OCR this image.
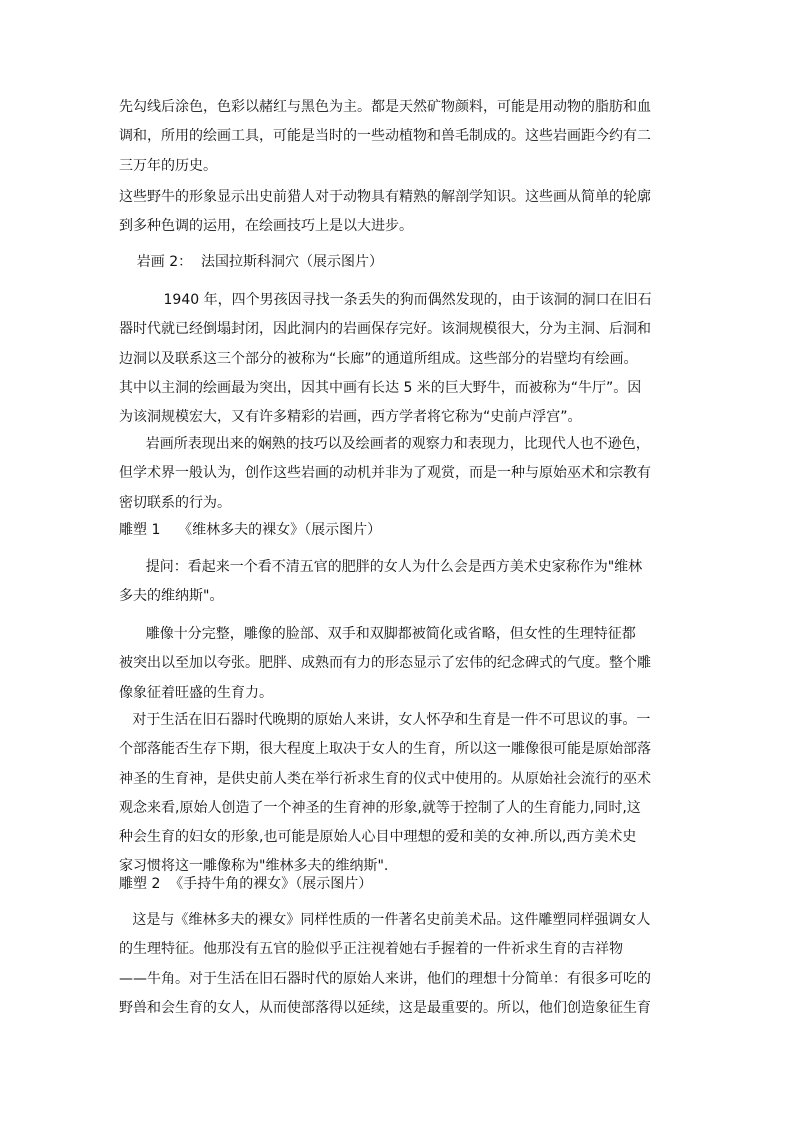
先勾线后涂色，色彩以赭红与黑色为主。都是天然矿物颜料，可能是用动物的脂肪和血
调和，所用的绘画工具，可能是当时的一些动植物和兽毛制成的。这些岩画距今约有二
三万年的历史。
这些野牛的形象显示出史前猎人对于动物具有精熟的解剖学知识。这些画从简单的轮廓
到多种色调的运用，在绘画技巧上是以大进步。
岩画 2：  法国拉斯科洞穴（展示图片）
1940 年，四个男孩因寻找一条丢失的狗而偶然发现的，由于该洞的洞口在旧石
器时代就已经倒塌封闭，因此洞内的岩画保存完好。该洞规模很大，分为主洞、后洞和
边洞以及联系这三个部分的被称为“长廊”的通道所组成。这些部分的岩壁均有绘画。
其中以主洞的绘画最为突出，因其中画有长达 5 米的巨大野牛，而被称为“牛厅”。因
为该洞规模宏大，又有许多精彩的岩画，西方学者将它称为“史前卢浮宫”。
岩画所表现出来的娴熟的技巧以及绘画者的观察力和表现力，比现代人也不逊色，
但学术界一般认为，创作这些岩画的动机并非为了观赏，而是一种与原始巫术和宗教有
密切联系的行为。
雕塑 1    《维林多夫的裸女》（展示图片）
提问：看起来一个看不清五官的肥胖的女人为什么会是西方美术史家称作为"维林
多夫的维纳斯"。
雕像十分完整，雕像的脸部、双手和双脚都被简化或省略，但女性的生理特征都
被突出以至加以夸张。肥胖、成熟而有力的形态显示了宏伟的纪念碑式的气度。整个雕
像象征着旺盛的生育力。
对于生活在旧石器时代晚期的原始人来讲，女人怀孕和生育是一件不可思议的事。一
个部落能否生存下期，很大程度上取决于女人的生育，所以这一雕像很可能是原始部落
神圣的生育神，是供史前人类在举行祈求生育的仪式中使用的。从原始社会流行的巫术
观念来看,原始人创造了一个神圣的生育神的形象,就等于控制了人的生育能力,同时,这
种会生育的妇女的形象,也可能是原始人心目中理想的爱和美的女神.所以,西方美术史
家习惯将这一雕像称为"维林多夫的维纳斯".
雕塑 2  《手持牛角的裸女》（展示图片）
这是与《维林多夫的裸女》同样性质的一件著名史前美术品。这件雕塑同样强调女人
的生理特征。他那没有五官的脸似乎正注视着她右手握着的一件祈求生育的吉祥物
——牛角。对于生活在旧石器时代的原始人来讲，他们的理想十分简单：有很多可吃的
野兽和会生育的女人，从而使部落得以延续，这是最重要的。所以，他们创造象征生育
